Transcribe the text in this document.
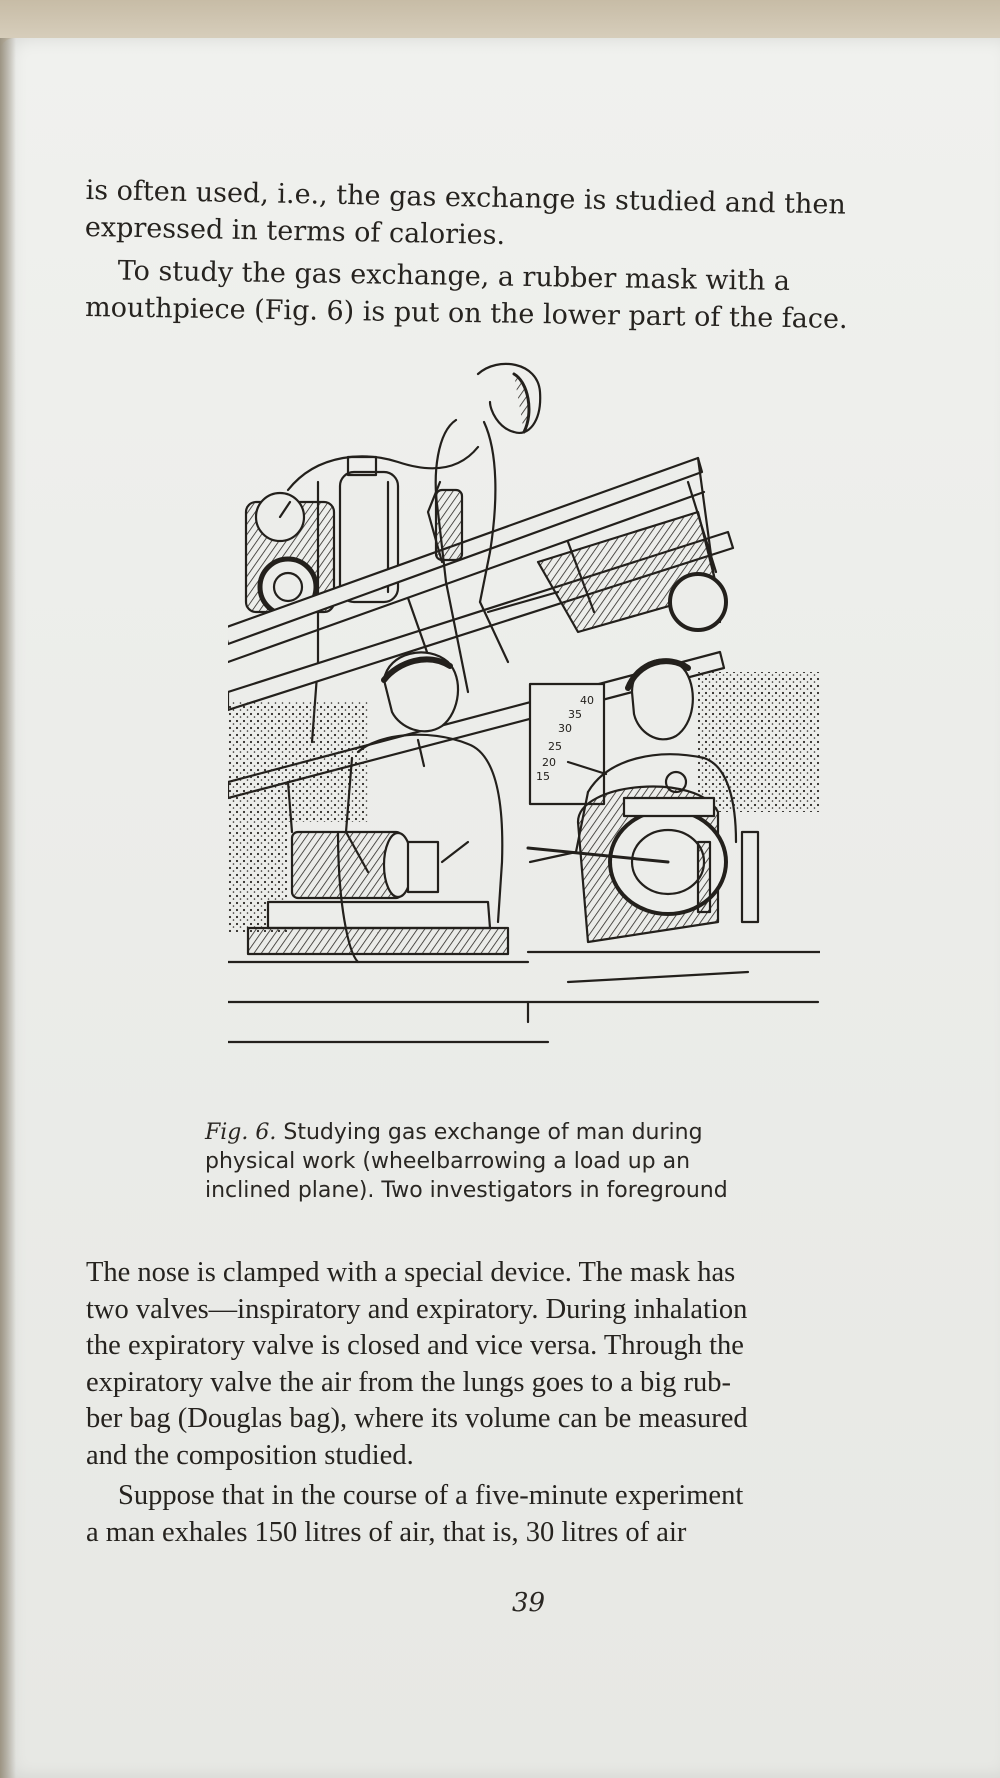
is often used, i.e., the gas exchange is studied and then
expressed in terms of calories.
To study the gas exchange, a rubber mask with a
mouthpiece (Fig. 6) is put on the lower part of the face.
40
35
30
25
20
15
Fig. 6. Studying gas exchange of man during
physical work (wheelbarrowing a load up an
inclined plane). Two investigators in foreground
The nose is clamped with a special device. The mask has
two valves—inspiratory and expiratory. During inhalation
the expiratory valve is closed and vice versa. Through the
expiratory valve the air from the lungs goes to a big rub-
ber bag (Douglas bag), where its volume can be measured
and the composition studied.
Suppose that in the course of a five-minute experiment
a man exhales 150 litres of air, that is, 30 litres of air
39
